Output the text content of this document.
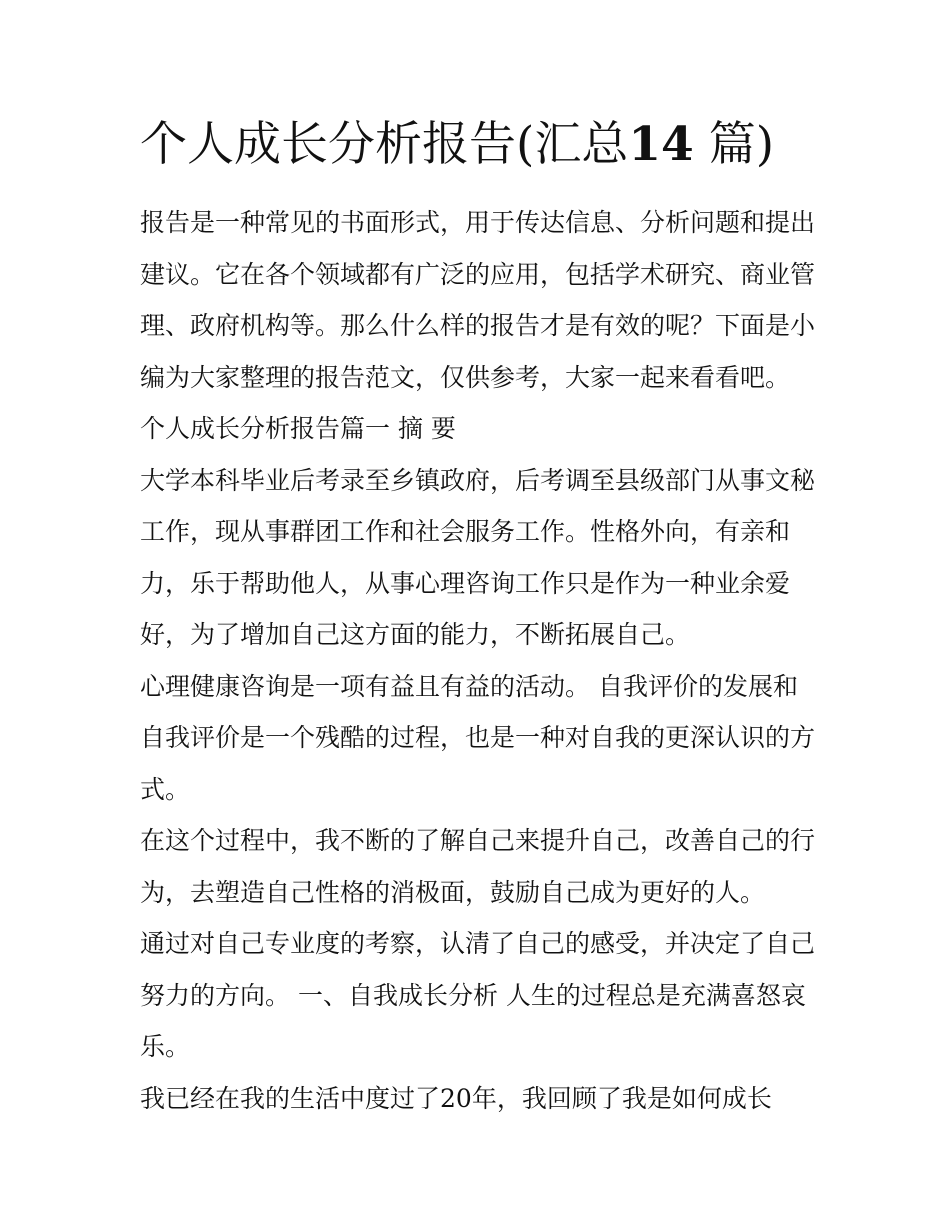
个人成长分析报告(汇总14 篇)

报告是一种常见的书面形式，用于传达信息、分析问题和提出建议。它在各个领域都有广泛的应用，包括学术研究、商业管理、政府机构等。那么什么样的报告才是有效的呢？下面是小编为大家整理的报告范文，仅供参考，大家一起来看看吧。

个人成长分析报告篇一 摘 要

大学本科毕业后考录至乡镇政府，后考调至县级部门从事文秘工作，现从事群团工作和社会服务工作。性格外向，有亲和力，乐于帮助他人，从事心理咨询工作只是作为一种业余爱好，为了增加自己这方面的能力，不断拓展自己。

心理健康咨询是一项有益且有益的活动。 自我评价的发展和自我评价是一个残酷的过程，也是一种对自我的更深认识的方式。

在这个过程中，我不断的了解自己来提升自己，改善自己的行为，去塑造自己性格的消极面，鼓励自己成为更好的人。

通过对自己专业度的考察，认清了自己的感受，并决定了自己努力的方向。 一、自我成长分析 人生的过程总是充满喜怒哀乐。

我已经在我的生活中度过了20年，我回顾了我是如何成长
